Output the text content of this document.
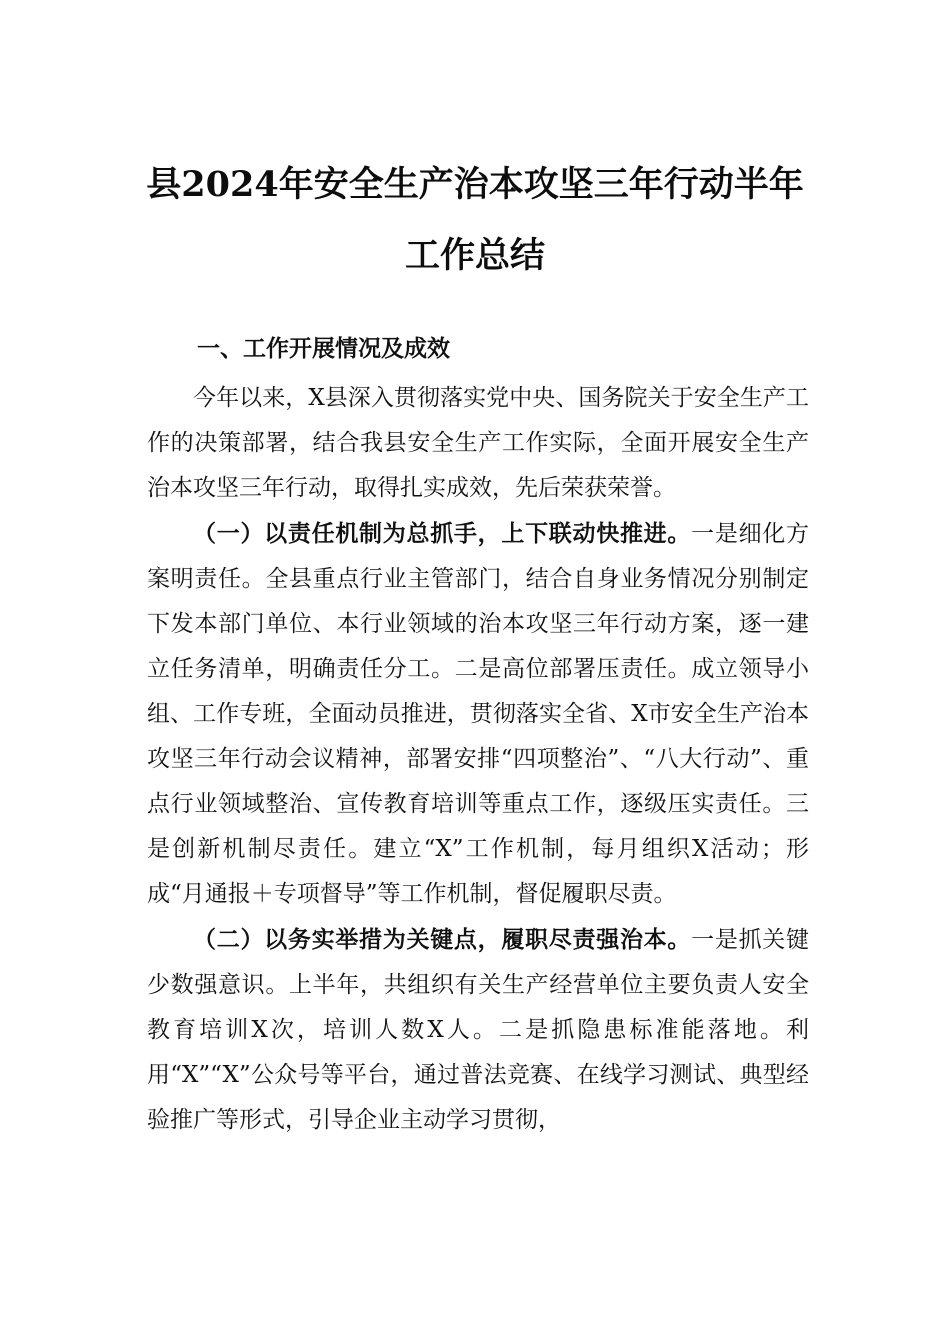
县2024年安全生产治本攻坚三年行动半年
工作总结
一、工作开展情况及成效

今年以来，X县深入贯彻落实党中央、国务院关于安全生产工作的决策部署，结合我县安全生产工作实际，全面开展安全生产治本攻坚三年行动，取得扎实成效，先后荣获荣誉。

（一）以责任机制为总抓手，上下联动快推进。一是细化方案明责任。全县重点行业主管部门，结合自身业务情况分别制定下发本部门单位、本行业领域的治本攻坚三年行动方案，逐一建立任务清单，明确责任分工。二是高位部署压责任。成立领导小组、工作专班，全面动员推进，贯彻落实全省、X市安全生产治本攻坚三年行动会议精神，部署安排“四项整治”、“八大行动”、重点行业领域整治、宣传教育培训等重点工作，逐级压实责任。三是创新机制尽责任。建立“X”工作机制，每月组织X活动；形成“月通报＋专项督导”等工作机制，督促履职尽责。

（二）以务实举措为关键点，履职尽责强治本。一是抓关键少数强意识。上半年，共组织有关生产经营单位主要负责人安全教育培训X次，培训人数X人。二是抓隐患标准能落地。利用“X”“X”公众号等平台，通过普法竞赛、在线学习测试、典型经验推广等形式，引导企业主动学习贯彻，
